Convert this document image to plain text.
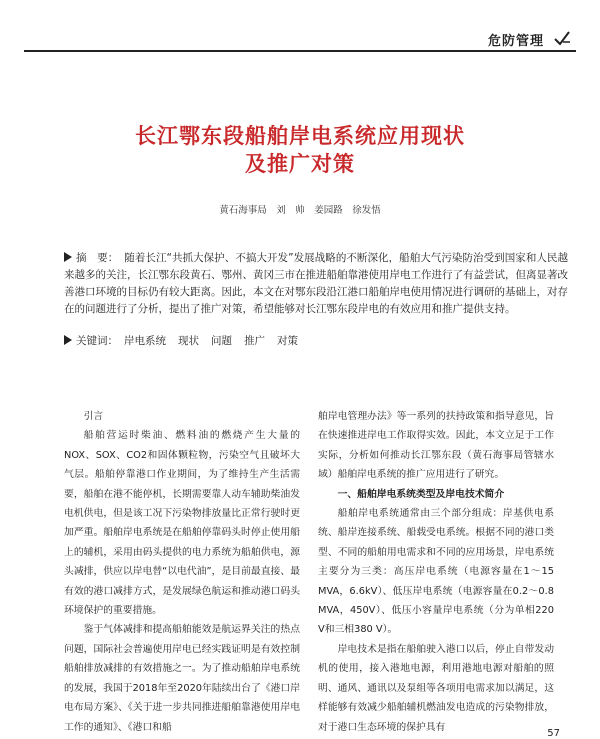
危防管理
长江鄂东段船舶岸电系统应用现状
及推广对策
黄石海事局　刘　帅　姜园路　徐发悟
摘　要： 随着长江“共抓大保护、不搞大开发”发展战略的不断深化，船舶大气污染防治受到国家和人民越来越多的关注，长江鄂东段黄石、鄂州、黄冈三市在推进船舶靠港使用岸电工作进行了有益尝试，但离显著改善港口环境的目标仍有较大距离。因此，本文在对鄂东段沿江港口船舶岸电使用情况进行调研的基础上，对存在的问题进行了分析，提出了推广对策，希望能够对长江鄂东段岸电的有效应用和推广提供支持。
关键词： 岸电系统 现状 问题 推广 对策

引言

船舶营运时柴油、燃料油的燃烧产生大量的NOX、SOX、CO2和固体颗粒物，污染空气且破坏大气层。船舶停靠港口作业期间，为了维持生产生活需要，船舶在港不能停机，长期需要靠人动车辅助柴油发电机供电，但是该工况下污染物排放量比正常行驶时更加严重。船舶岸电系统是在船舶停靠码头时停止使用船上的辅机，采用由码头提供的电力系统为船舶供电，源头减排，供应以岸电替“以电代油”，是目前最直接、最有效的港口减排方式，是发展绿色航运和推动港口码头环境保护的重要措施。

鉴于气体减排和提高船舶能效是航运界关注的热点问题，国际社会普遍使用岸电已经实践证明是有效控制船舶排放减排的有效措施之一。为了推动船舶岸电系统的发展，我国于2018年至2020年陆续出台了《港口岸电布局方案》、《关于进一步共同推进船舶靠港使用岸电工作的通知》、《港口和船

舶岸电管理办法》等一系列的扶持政策和指导意见，旨在快速推进岸电工作取得实效。因此，本文立足于工作实际，分析如何推动长江鄂东段（黄石海事局管辖水域）船舶岸电系统的推广应用进行了研究。

一、船舶岸电系统类型及岸电技术简介

船舶岸电系统通常由三个部分组成：岸基供电系统、船岸连接系统、船载受电系统。根据不同的港口类型、不同的船舶用电需求和不同的应用场景，岸电系统主要分为三类：高压岸电系统（电源容量在1～15 MVA，6.6kV）、低压岸电系统（电源容量在0.2～0.8 MVA，450V）、低压小容量岸电系统（分为单相220 V和三相380 V）。

岸电技术是指在船舶驶入港口以后，停止自带发动机的使用，接入港地电源，利用港地电源对船舶的照明、通风、通讯以及泵组等各项用电需求加以满足，这样能够有效减少船舶辅机燃油发电造成的污染物排放，对于港口生态环境的保护具有

57
